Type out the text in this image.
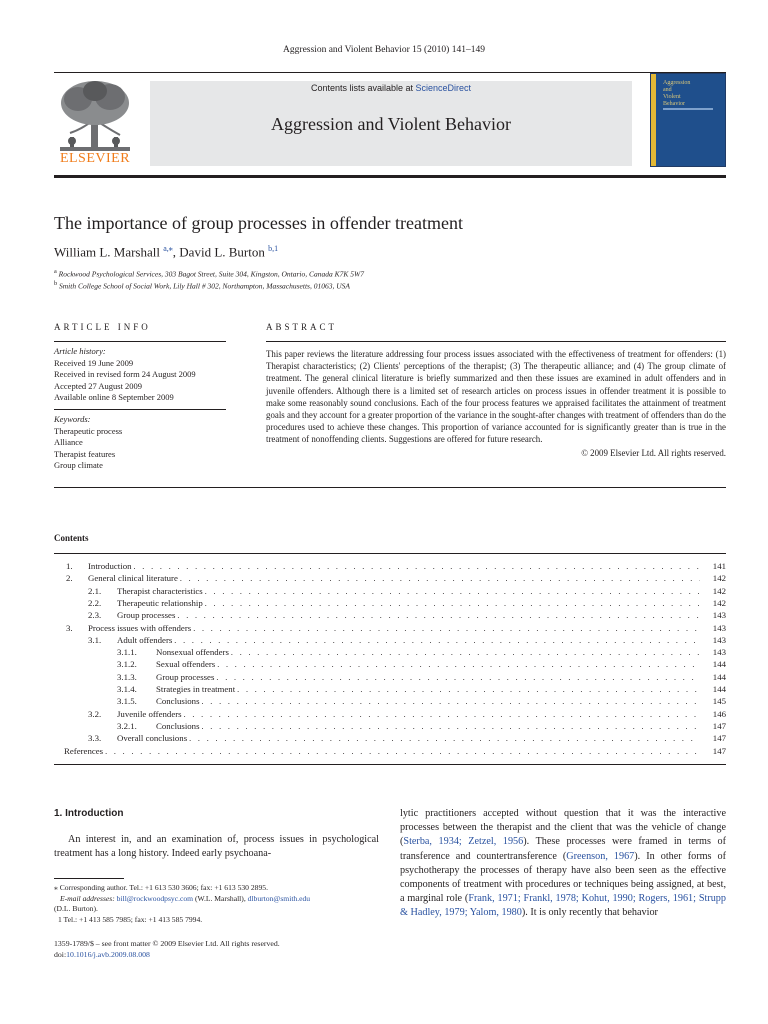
Aggression and Violent Behavior 15 (2010) 141–149
ELSEVIER
Contents lists available at ScienceDirect
Aggression and Violent Behavior
Aggression
and
Violent
Behavior
The importance of group processes in offender treatment
William L. Marshall $^{a,⁎}$, David L. Burton $^{b,1}$
$^a$ Rockwood Psychological Services, 303 Bagot Street, Suite 304, Kingston, Ontario, Canada K7K 5W7
$^b$ Smith College School of Social Work, Lily Hall # 302, Northampton, Massachusetts, 01063, USA
ARTICLE INFO	ABSTRACT
Article history:
Received 19 June 2009
Received in revised form 24 August 2009
Accepted 27 August 2009
Available online 8 September 2009
Keywords:
Therapeutic process
Alliance
Therapist features
Group climate
This paper reviews the literature addressing four process issues associated with the effectiveness of treatment for offenders: (1) Therapist characteristics; (2) Clients' perceptions of the therapist; (3) The therapeutic alliance; and (4) The group climate of treatment. The general clinical literature is briefly summarized and then these issues are examined in adult offenders and in juvenile offenders. Although there is a limited set of research articles on process issues in offender treatment it is possible to make some reasonably sound conclusions. Each of the four process features we appraised facilitates the attainment of treatment goals and they account for a greater proportion of the variance in the sought-after changes with treatment of offenders than do the procedures used to achieve these changes. This proportion of variance accounted for is significantly greater than is true in the treatment of nonoffending clients. Suggestions are offered for future research.
© 2009 Elsevier Ltd. All rights reserved.
Contents
1.	Introduction . . .	141
2.	General clinical literature . . .	142
2.1.	Therapist characteristics . . .	142
2.2.	Therapeutic relationship . . .	142
2.3.	Group processes . . .	143
3.	Process issues with offenders . . .	143
3.1.	Adult offenders . . .	143
3.1.1.	Nonsexual offenders . . .	143
3.1.2.	Sexual offenders . . .	144
3.1.3.	Group processes . . .	144
3.1.4.	Strategies in treatment . . .	144
3.1.5.	Conclusions . . .	145
3.2.	Juvenile offenders . . .	146
3.2.1.	Conclusions . . .	147
3.3.	Overall conclusions . . .	147
References . . .	147
1. Introduction
An interest in, and an examination of, process issues in psychological treatment has a long history. Indeed early psychoana-
lytic practitioners accepted without question that it was the interactive processes between the therapist and the client that was the vehicle of change (Sterba, 1934; Zetzel, 1956). These processes were framed in terms of transference and countertransference (Greenson, 1967). In other forms of psychotherapy the processes of therapy have also been seen as the effective components of treatment with procedures or techniques being assigned, at best, a marginal role (Frank, 1971; Frankl, 1978; Kohut, 1990; Rogers, 1961; Strupp & Hadley, 1979; Yalom, 1980). It is only recently that behavior
⁎ Corresponding author. Tel.: +1 613 530 3606; fax: +1 613 530 2895.
E-mail addresses: bill@rockwoodpsyc.com (W.L. Marshall), dlburton@smith.edu
(D.L. Burton).
1 Tel.: +1 413 585 7985; fax: +1 413 585 7994.
1359-1789/$ – see front matter © 2009 Elsevier Ltd. All rights reserved.
doi:10.1016/j.avb.2009.08.008
